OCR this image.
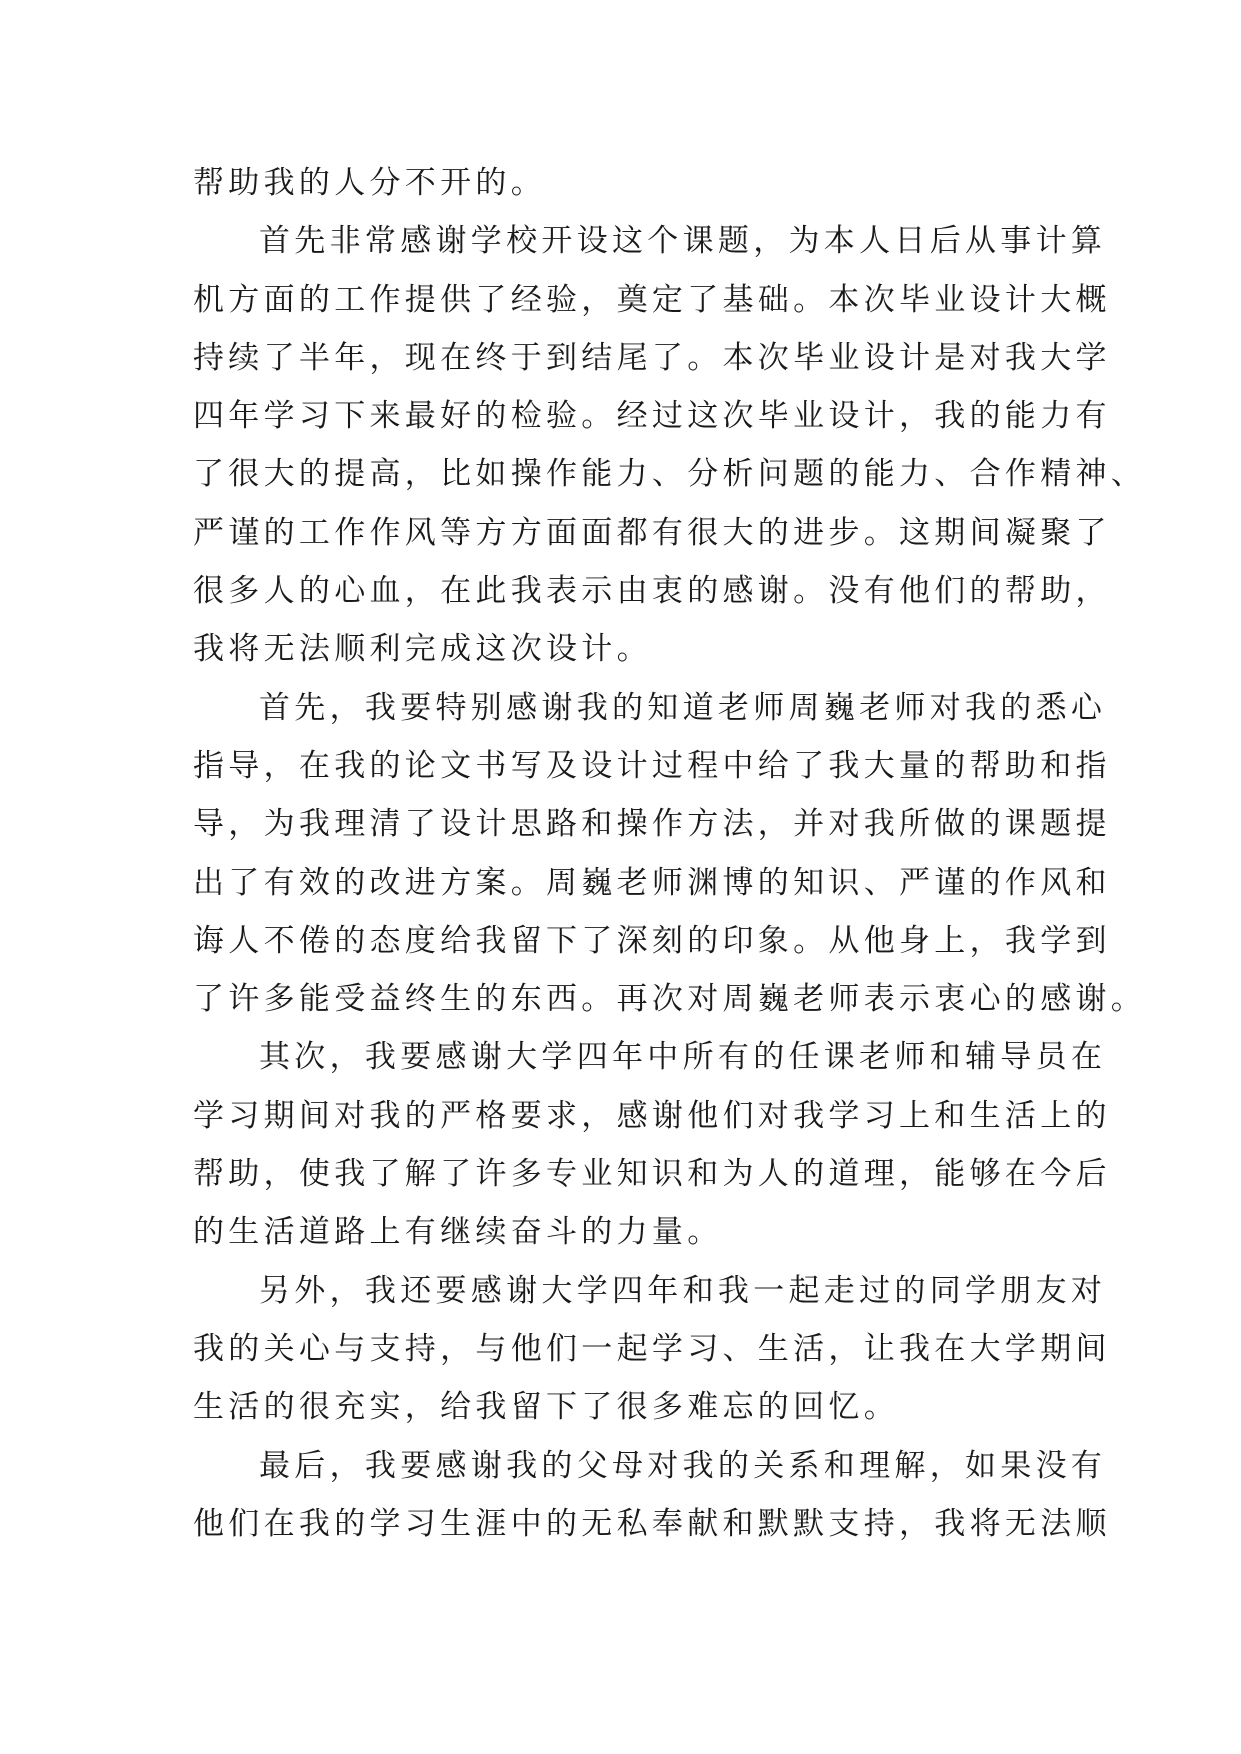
帮助我的人分不开的。
首先非常感谢学校开设这个课题，为本人日后从事计算
机方面的工作提供了经验，奠定了基础。本次毕业设计大概
持续了半年，现在终于到结尾了。本次毕业设计是对我大学
四年学习下来最好的检验。经过这次毕业设计，我的能力有
了很大的提高，比如操作能力、分析问题的能力、合作精神、
严谨的工作作风等方方面面都有很大的进步。这期间凝聚了
很多人的心血，在此我表示由衷的感谢。没有他们的帮助，
我将无法顺利完成这次设计。
首先，我要特别感谢我的知道老师周巍老师对我的悉心
指导，在我的论文书写及设计过程中给了我大量的帮助和指
导，为我理清了设计思路和操作方法，并对我所做的课题提
出了有效的改进方案。周巍老师渊博的知识、严谨的作风和
诲人不倦的态度给我留下了深刻的印象。从他身上，我学到
了许多能受益终生的东西。再次对周巍老师表示衷心的感谢。
其次，我要感谢大学四年中所有的任课老师和辅导员在
学习期间对我的严格要求，感谢他们对我学习上和生活上的
帮助，使我了解了许多专业知识和为人的道理，能够在今后
的生活道路上有继续奋斗的力量。
另外，我还要感谢大学四年和我一起走过的同学朋友对
我的关心与支持，与他们一起学习、生活，让我在大学期间
生活的很充实，给我留下了很多难忘的回忆。
最后，我要感谢我的父母对我的关系和理解，如果没有
他们在我的学习生涯中的无私奉献和默默支持，我将无法顺
